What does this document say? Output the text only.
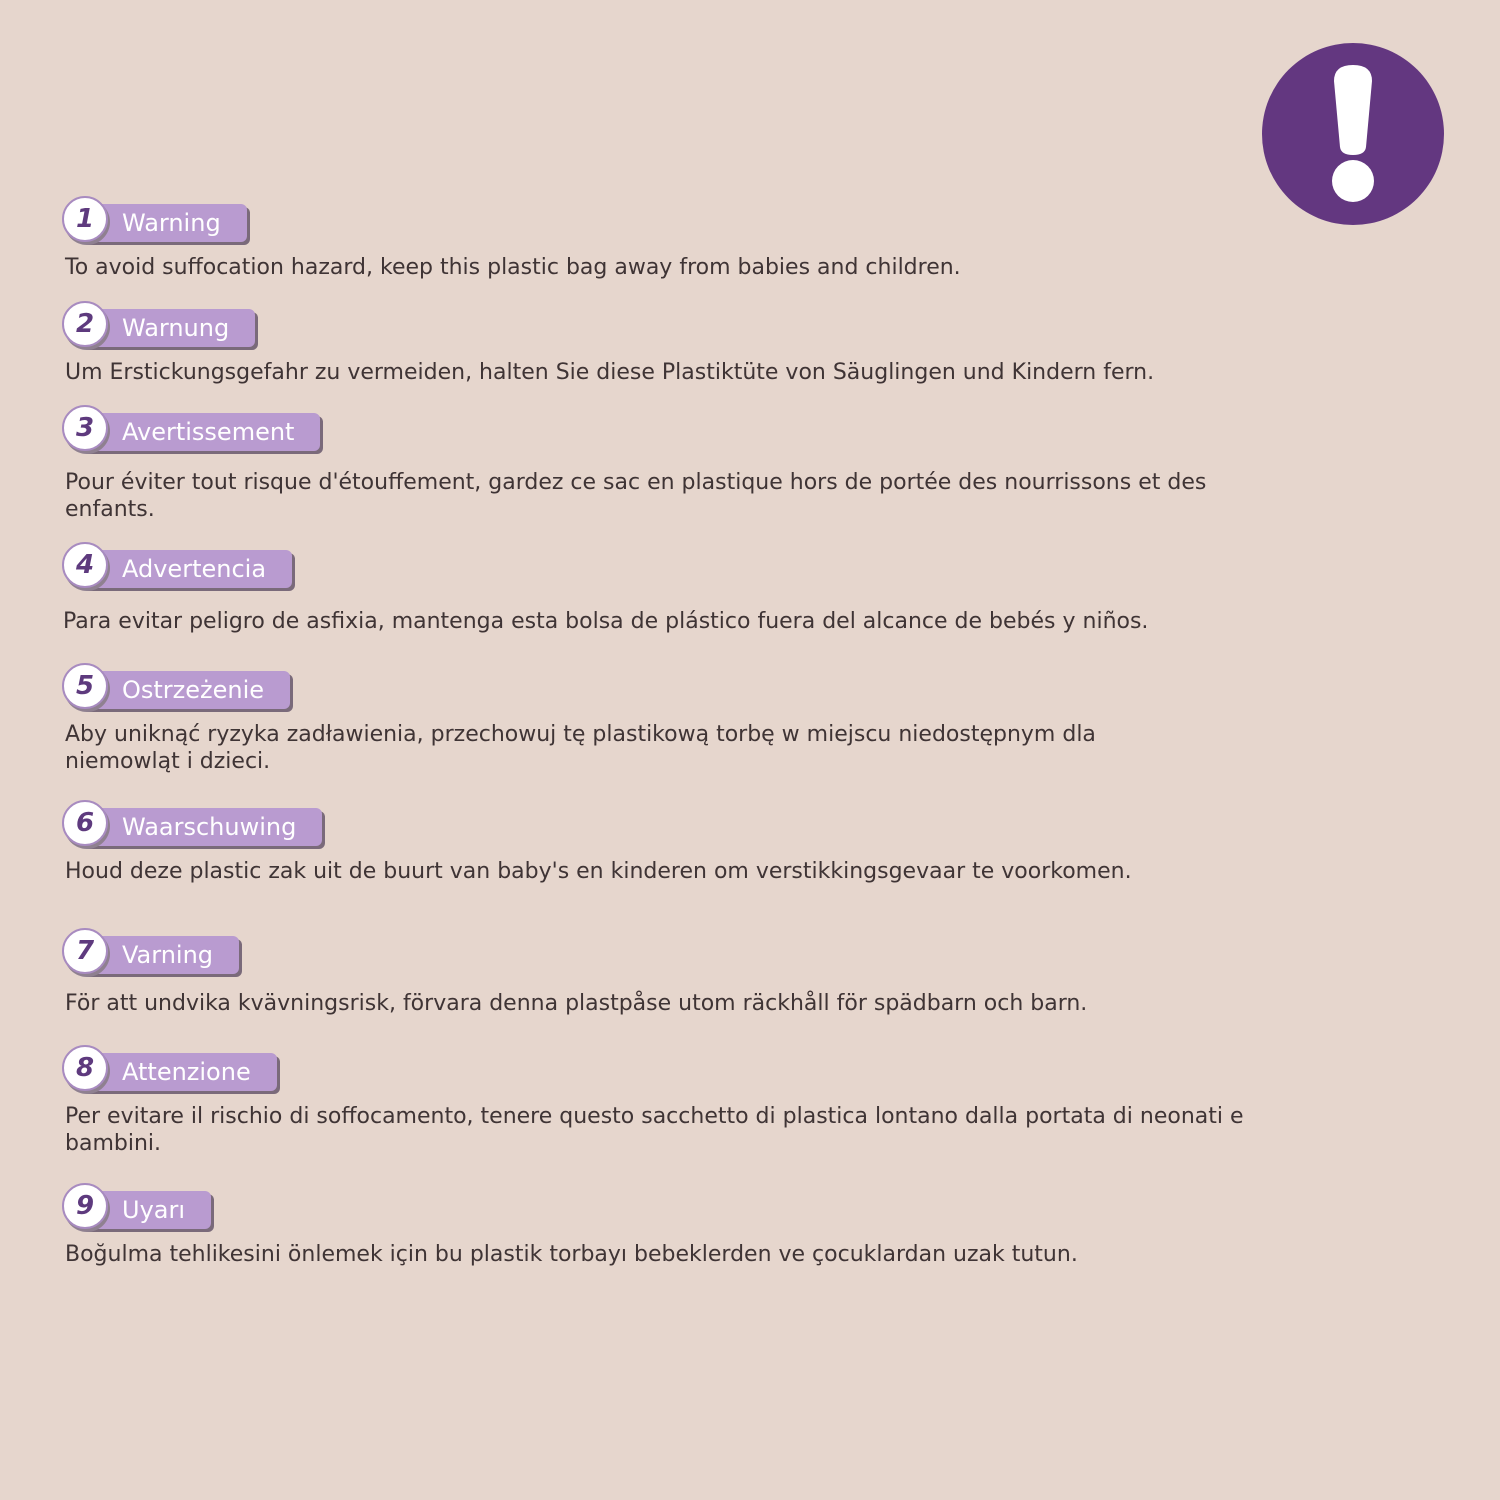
1	Warning
To avoid suffocation hazard, keep this plastic bag away from babies and children.
2	Warnung
Um Erstickungsgefahr zu vermeiden, halten Sie diese Plastiktüte von Säuglingen und Kindern fern.
3	Avertissement
Pour éviter tout risque d'étouffement, gardez ce sac en plastique hors de portée des nourrissons et des enfants.
4	Advertencia
Para evitar peligro de asfixia, mantenga esta bolsa de plástico fuera del alcance de bebés y niños.
5	Ostrzeżenie
Aby uniknąć ryzyka zadławienia, przechowuj tę plastikową torbę w miejscu niedostępnym dla niemowląt i dzieci.
6	Waarschuwing
Houd deze plastic zak uit de buurt van baby's en kinderen om verstikkingsgevaar te voorkomen.
7	Varning
För att undvika kvävningsrisk, förvara denna plastpåse utom räckhåll för spädbarn och barn.
8	Attenzione
Per evitare il rischio di soffocamento, tenere questo sacchetto di plastica lontano dalla portata di neonati e bambini.
9	Uyarı
Boğulma tehlikesini önlemek için bu plastik torbayı bebeklerden ve çocuklardan uzak tutun.
